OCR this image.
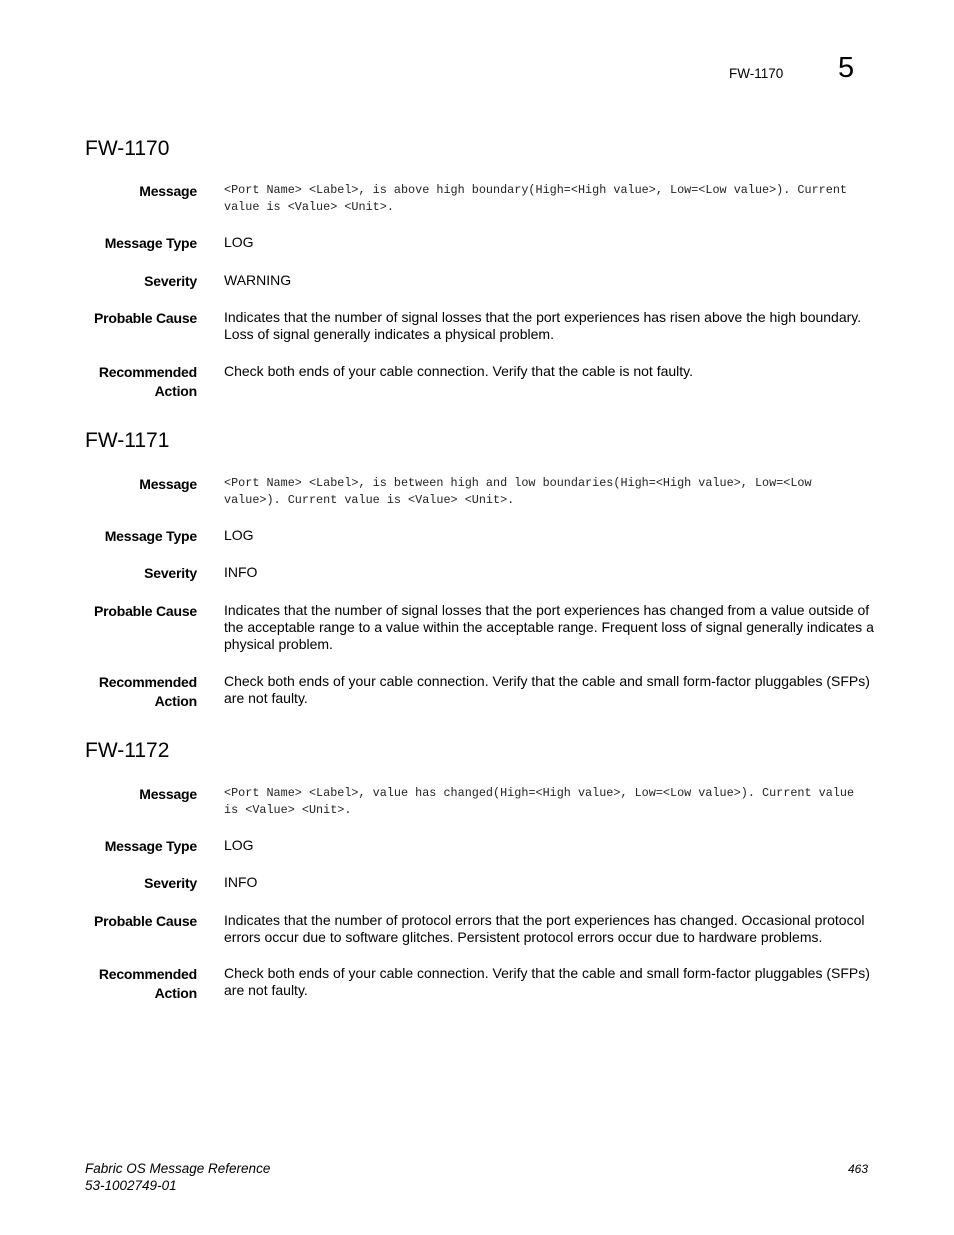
FW-1170 5
FW-1170
Message <Port Name> <Label>, is above high boundary(High=<High value>, Low=<Low value>). Current value is <Value> <Unit>.
Message Type LOG
Severity WARNING
Probable Cause Indicates that the number of signal losses that the port experiences has risen above the high boundary. Loss of signal generally indicates a physical problem.
Recommended
Action
Check both ends of your cable connection. Verify that the cable is not faulty.
FW-1171
Message <Port Name> <Label>, is between high and low boundaries(High=<High value>, Low=<Low value>). Current value is <Value> <Unit>.
Message Type LOG
Severity INFO
Probable Cause Indicates that the number of signal losses that the port experiences has changed from a value outside of the acceptable range to a value within the acceptable range. Frequent loss of signal generally indicates a physical problem.
Recommended
Action
Check both ends of your cable connection. Verify that the cable and small form-factor pluggables (SFPs) are not faulty.
FW-1172
Message <Port Name> <Label>, value has changed(High=<High value>, Low=<Low value>). Current value is <Value> <Unit>.
Message Type LOG
Severity INFO
Probable Cause Indicates that the number of protocol errors that the port experiences has changed. Occasional protocol errors occur due to software glitches. Persistent protocol errors occur due to hardware problems.
Recommended
Action
Check both ends of your cable connection. Verify that the cable and small form-factor pluggables (SFPs) are not faulty.
Fabric OS Message Reference
53-1002749-01
463
